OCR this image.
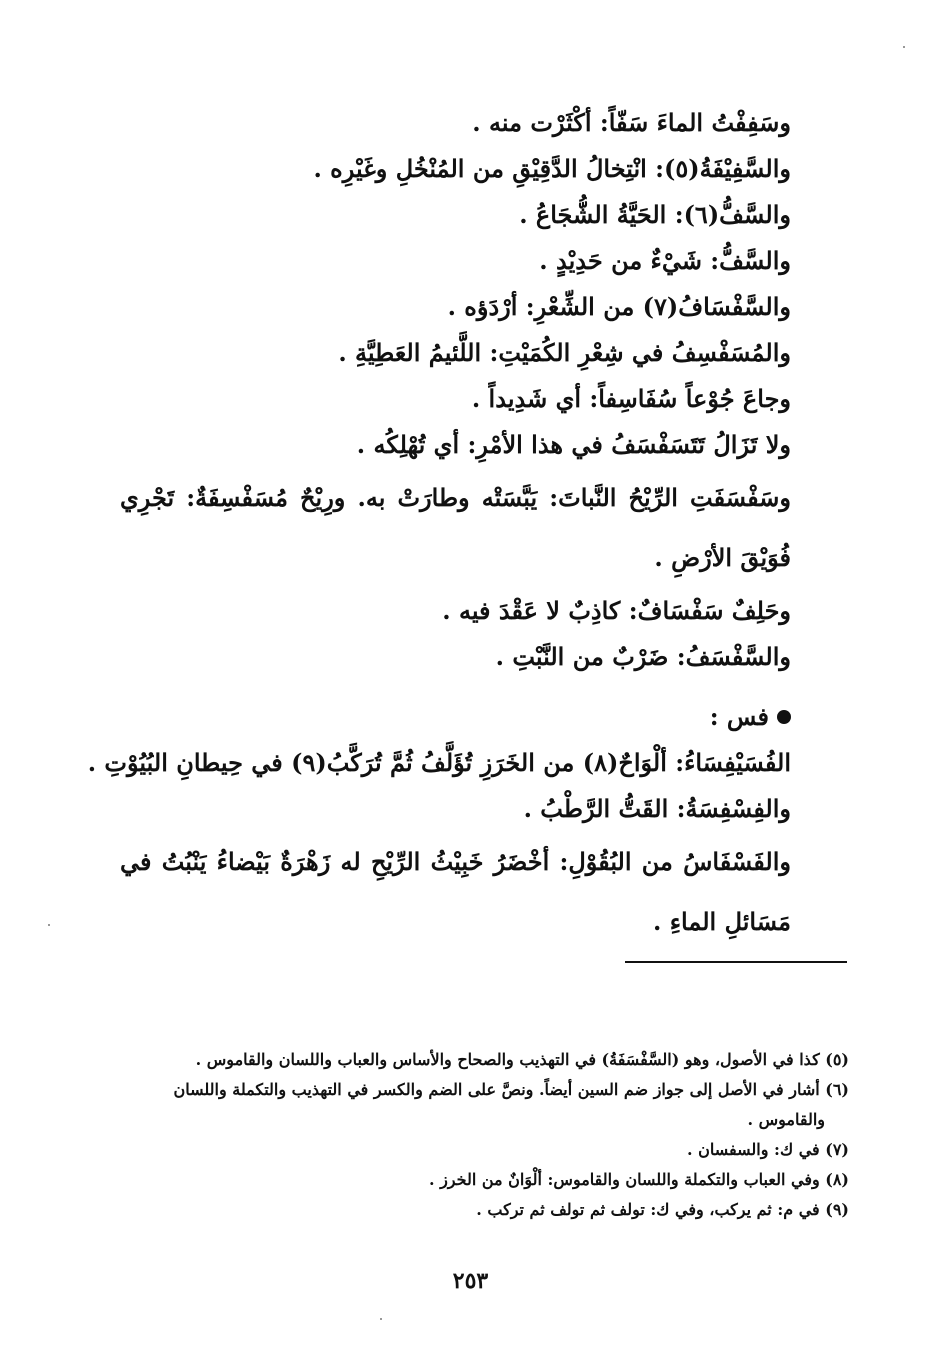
وسَفِفْتُ الماءَ سَفّاً: أكْثَرْت منه .
والسَّفِيْفَةُ(٥): انْتِخالُ الدَّقِيْقِ من المُنْخُلِ وغَيْرِه .
والسَّفُّ(٦): الحَيَّةُ الشُّجَاعُ .
والسَّفُّ: شَيْءٌ من حَدِيْدٍ .
والسَّفْسَافُ(٧) من الشِّعْرِ: أرْدَؤه .
والمُسَفْسِفُ في شِعْرِ الكُمَيْتِ: اللَّئيمُ العَطِيَّةِ .
وجاعَ جُوْعاً سُفَاسِفاً: أي شَدِيداً .
ولا تَزَالُ تَتَسَفْسَفُ في هذا الأمْرِ: أي تُهْلِكُه .
وسَفْسَفَتِ الرِّيْحُ النَّباتَ: يَبَّسَتْه وطارَتْ به. ورِيْحٌ مُسَفْسِفَةٌ: تَجْرِي فُوَيْقَ الأرْضِ .
وحَلِفٌ سَفْسَافٌ: كاذِبٌ لا عَقْدَ فيه .
والسَّفْسَفُ: ضَرْبٌ من النَّبْتِ .
فس :
الفُسَيْفِسَاءُ: ألْوَاحٌ(٨) من الخَرَزِ تُؤَلَّفُ ثُمَّ تُرَكَّبُ(٩) في حِيطانِ البُيُوْتِ .
والفِسْفِسَةُ: القَتُّ الرَّطْبُ .
والفَسْفَاسُ من البُقُوْلِ: أخْضَرُ خَبِيْثُ الرِّيْحِ له زَهْرَةٌ بَيْضاءُ يَنْبُتُ في مَسَائلِ الماءِ .
(٥) كذا في الأصول، وهو (السَّفْسَفَةُ) في التهذيب والصحاح والأساس والعباب واللسان والقاموس .
(٦) أشار في الأصل إلى جواز ضم السين أيضاً. ونصَّ على الضم والكسر في التهذيب والتكملة واللسان
والقاموس .
(٧) في ك: والسفسان .
(٨) وفي العباب والتكملة واللسان والقاموس: ألْوَانٌ من الخرز .
(٩) في م: ثم يركب، وفي ك: تولف ثم تولف ثم تركب .
٢٥٣
